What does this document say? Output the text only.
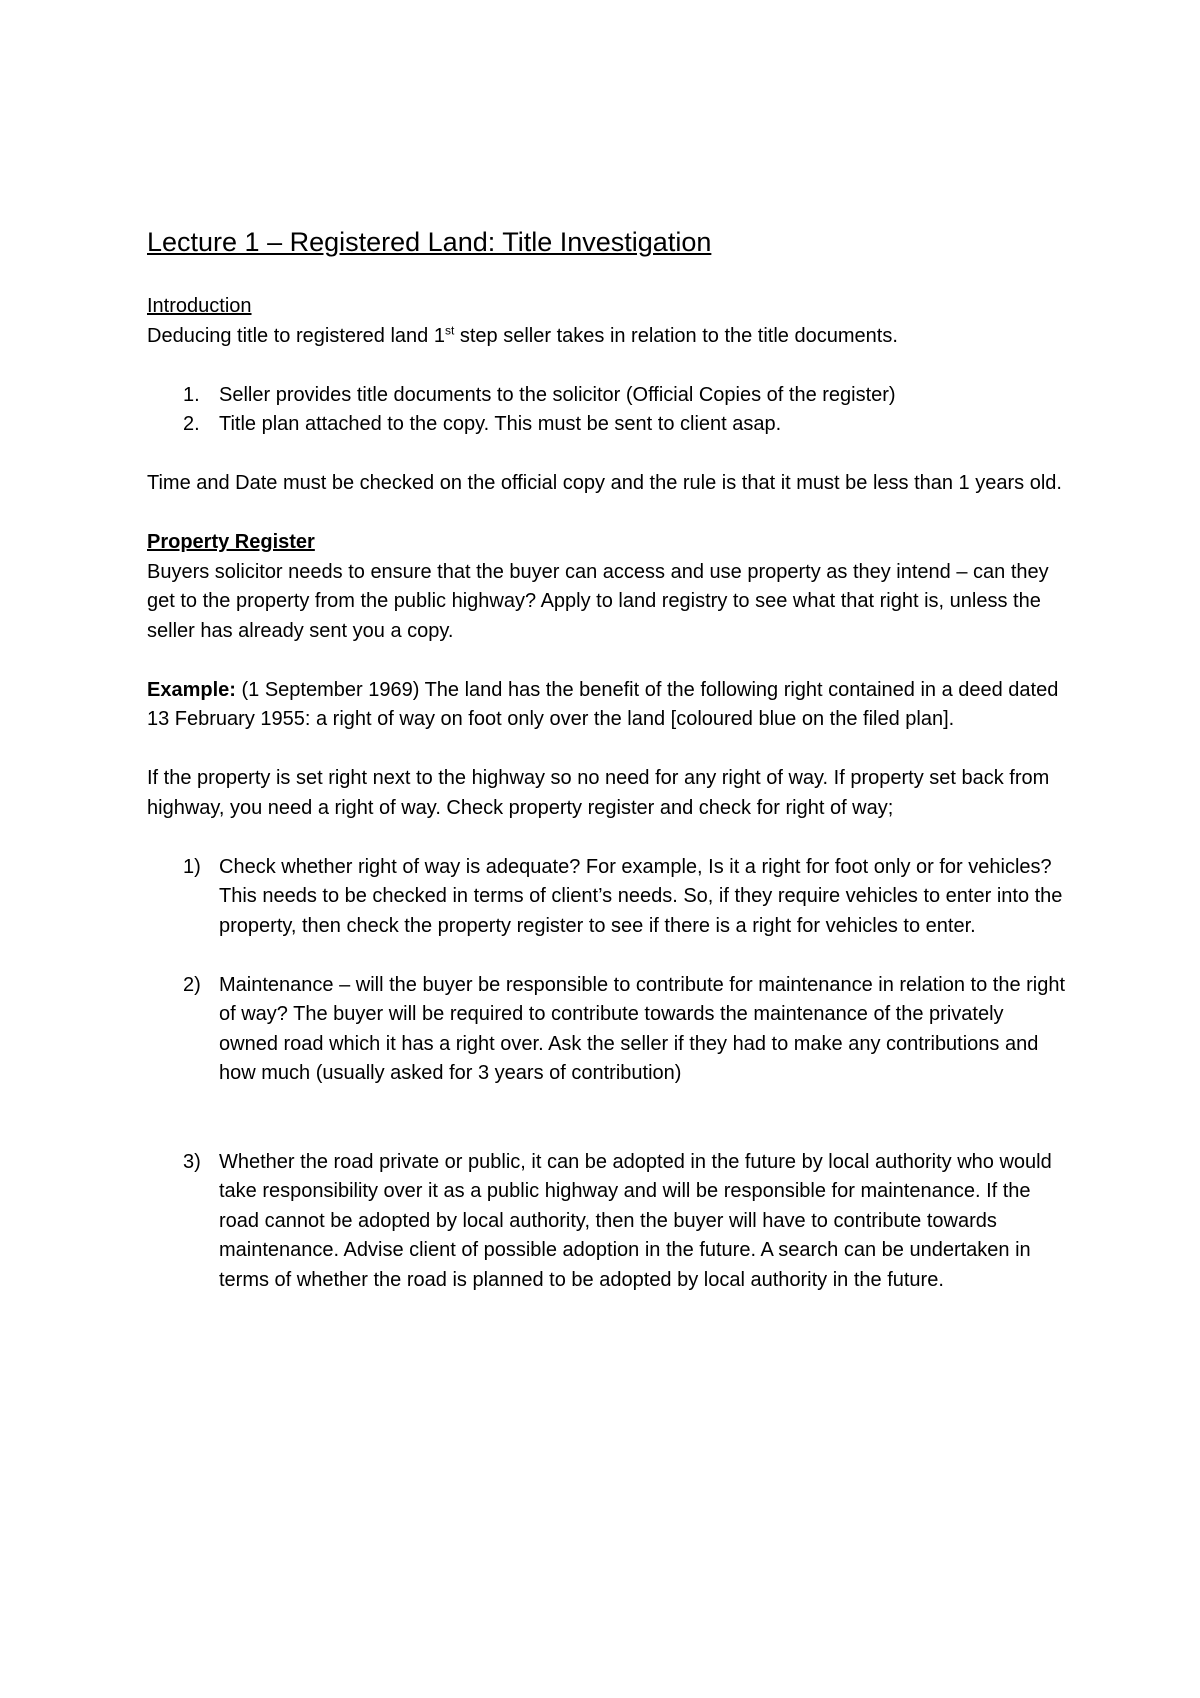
Lecture 1 – Registered Land: Title Investigation
Introduction

Deducing title to registered land 1st step seller takes in relation to the title documents.

1. Seller provides title documents to the solicitor (Official Copies of the register)
2. Title plan attached to the copy. This must be sent to client asap.

Time and Date must be checked on the official copy and the rule is that it must be less than 1 years old.

Property Register

Buyers solicitor needs to ensure that the buyer can access and use property as they intend – can they get to the property from the public highway? Apply to land registry to see what that right is, unless the seller has already sent you a copy.

Example: (1 September 1969) The land has the benefit of the following right contained in a deed dated 13 February 1955: a right of way on foot only over the land [coloured blue on the filed plan].

If the property is set right next to the highway so no need for any right of way. If property set back from highway, you need a right of way. Check property register and check for right of way;

1) Check whether right of way is adequate? For example, Is it a right for foot only or for vehicles? This needs to be checked in terms of client’s needs. So, if they require vehicles to enter into the property, then check the property register to see if there is a right for vehicles to enter.
2) Maintenance – will the buyer be responsible to contribute for maintenance in relation to the right of way? The buyer will be required to contribute towards the maintenance of the privately owned road which it has a right over. Ask the seller if they had to make any contributions and how much (usually asked for 3 years of contribution)
3) Whether the road private or public, it can be adopted in the future by local authority who would take responsibility over it as a public highway and will be responsible for maintenance. If the road cannot be adopted by local authority, then the buyer will have to contribute towards maintenance. Advise client of possible adoption in the future. A search can be undertaken in terms of whether the road is planned to be adopted by local authority in the future.
